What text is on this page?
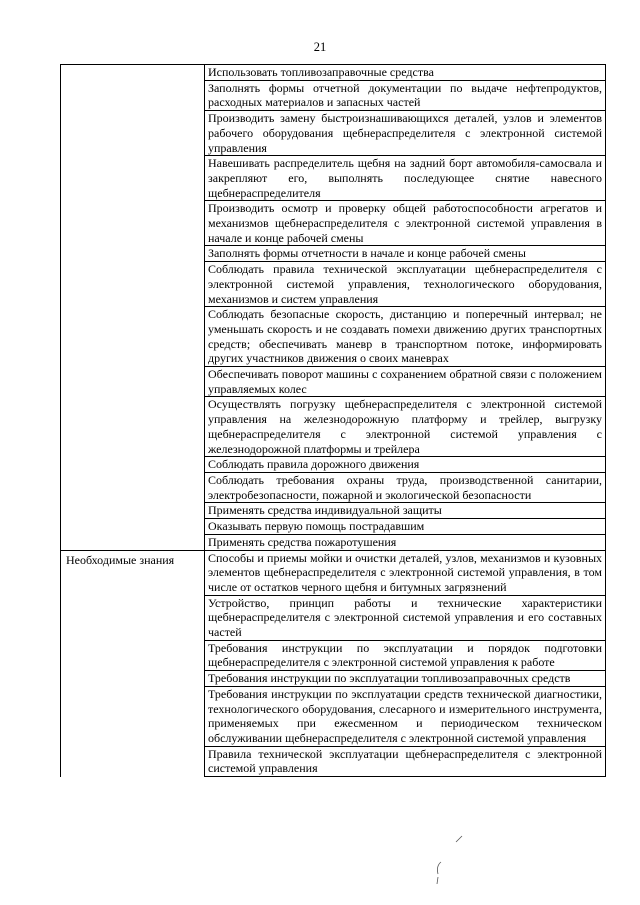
21
Использовать топливозаправочные средства
Заполнять формы отчетной документации по выдаче нефтепродуктов, расходных материалов и запасных частей
Производить замену быстроизнашивающихся деталей, узлов и элементов рабочего оборудования щебнераспределителя с электронной системой управления
Навешивать распределитель щебня на задний борт автомобиля-самосвала и закрепляют его, выполнять последующее снятие навесного щебнераспределителя
Производить осмотр и проверку общей работоспособности агрегатов и механизмов щебнераспределителя с электронной системой управления в начале и конце рабочей смены
Заполнять формы отчетности в начале и конце рабочей смены
Соблюдать правила технической эксплуатации щебнераспределителя с электронной системой управления, технологического оборудования, механизмов и систем управления
Соблюдать безопасные скорость, дистанцию и поперечный интервал; не уменьшать скорость и не создавать помехи движению других транспортных средств; обеспечивать маневр в транспортном потоке, информировать других участников движения о своих маневрах
Обеспечивать поворот машины с сохранением обратной связи с положением управляемых колес
Осуществлять погрузку щебнераспределителя с электронной системой управления на железнодорожную платформу и трейлер, выгрузку щебнераспределителя с электронной системой управления с железнодорожной платформы и трейлера
Соблюдать правила дорожного движения
Соблюдать требования охраны труда, производственной санитарии, электробезопасности, пожарной и экологической безопасности
Применять средства индивидуальной защиты
Оказывать первую помощь пострадавшим
Применять средства пожаротушения
Необходимые знания	Способы и приемы мойки и очистки деталей, узлов, механизмов и кузовных элементов щебнераспределителя с электронной системой управления, в том числе от остатков черного щебня и битумных загрязнений
Устройство, принцип работы и технические характеристики щебнераспределителя с электронной системой управления и его составных частей
Требования инструкции по эксплуатации и порядок подготовки щебнераспределителя с электронной системой управления к работе
Требования инструкции по эксплуатации топливозаправочных средств
Требования инструкции по эксплуатации средств технической диагностики, технологического оборудования, слесарного и измерительного инструмента, применяемых при ежесменном и периодическом техническом обслуживании щебнераспределителя с электронной системой управления
Правила технической эксплуатации щебнераспределителя с электронной системой управления
